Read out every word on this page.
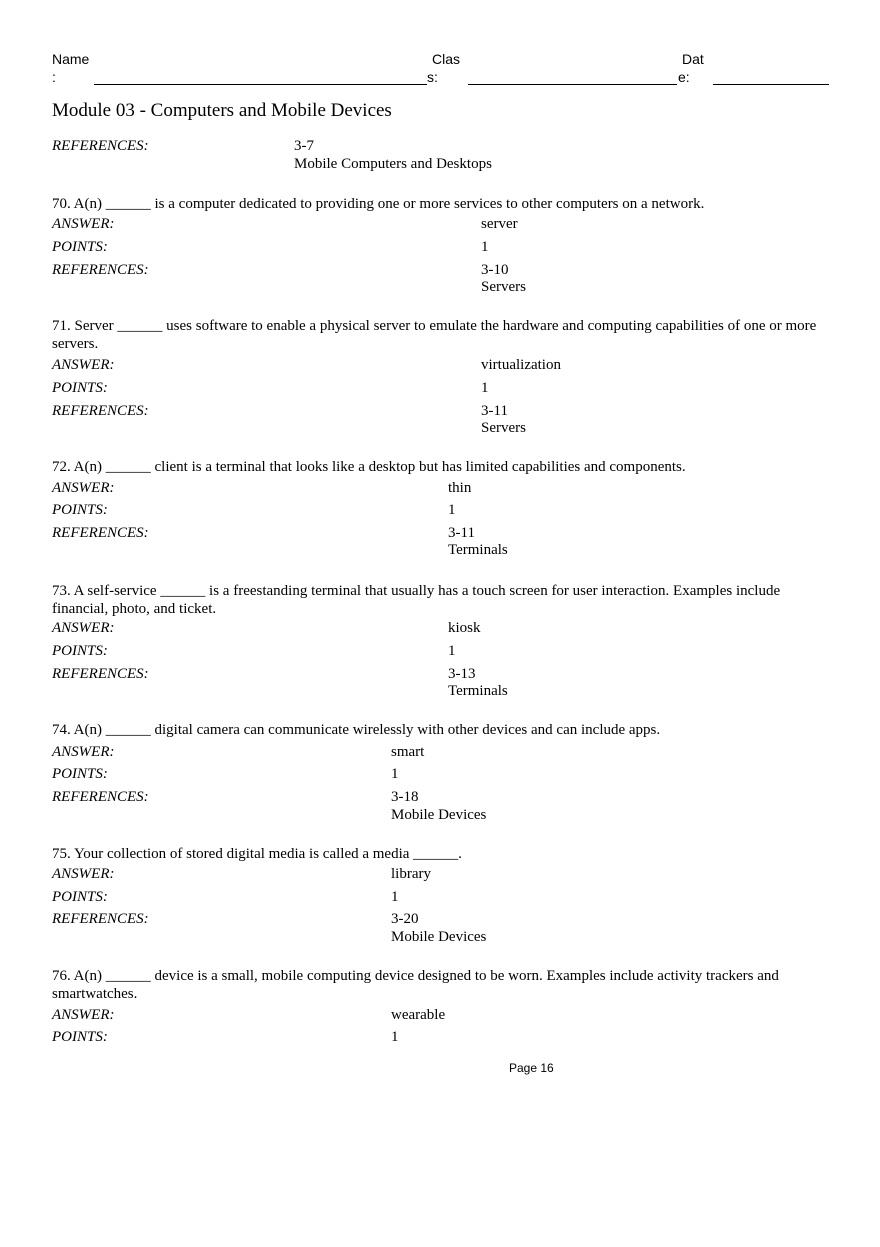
Name
:
Clas
s:
Dat
e:
Module 03 - Computers and Mobile Devices
REFERENCES:	3-7
Mobile Computers and Desktops
70. A(n) ______ is a computer dedicated to providing one or more services to other computers on a network.
ANSWER:	server
POINTS:	1
REFERENCES:	3-10
Servers
71. Server ______ uses software to enable a physical server to emulate the hardware and computing capabilities of one or more servers.
ANSWER:	virtualization
POINTS:	1
REFERENCES:	3-11
Servers
72. A(n) ______ client is a terminal that looks like a desktop but has limited capabilities and components.
ANSWER:	thin
POINTS:	1
REFERENCES:	3-11
Terminals
73. A self-service ______ is a freestanding terminal that usually has a touch screen for user interaction. Examples include financial, photo, and ticket.
ANSWER:	kiosk
POINTS:	1
REFERENCES:	3-13
Terminals
74. A(n) ______ digital camera can communicate wirelessly with other devices and can include apps.
ANSWER:	smart
POINTS:	1
REFERENCES:	3-18
Mobile Devices
75. Your collection of stored digital media is called a media ______.
ANSWER:	library
POINTS:	1
REFERENCES:	3-20
Mobile Devices
76. A(n) ______ device is a small, mobile computing device designed to be worn. Examples include activity trackers and smartwatches.
ANSWER:	wearable
POINTS:	1
Page 16
